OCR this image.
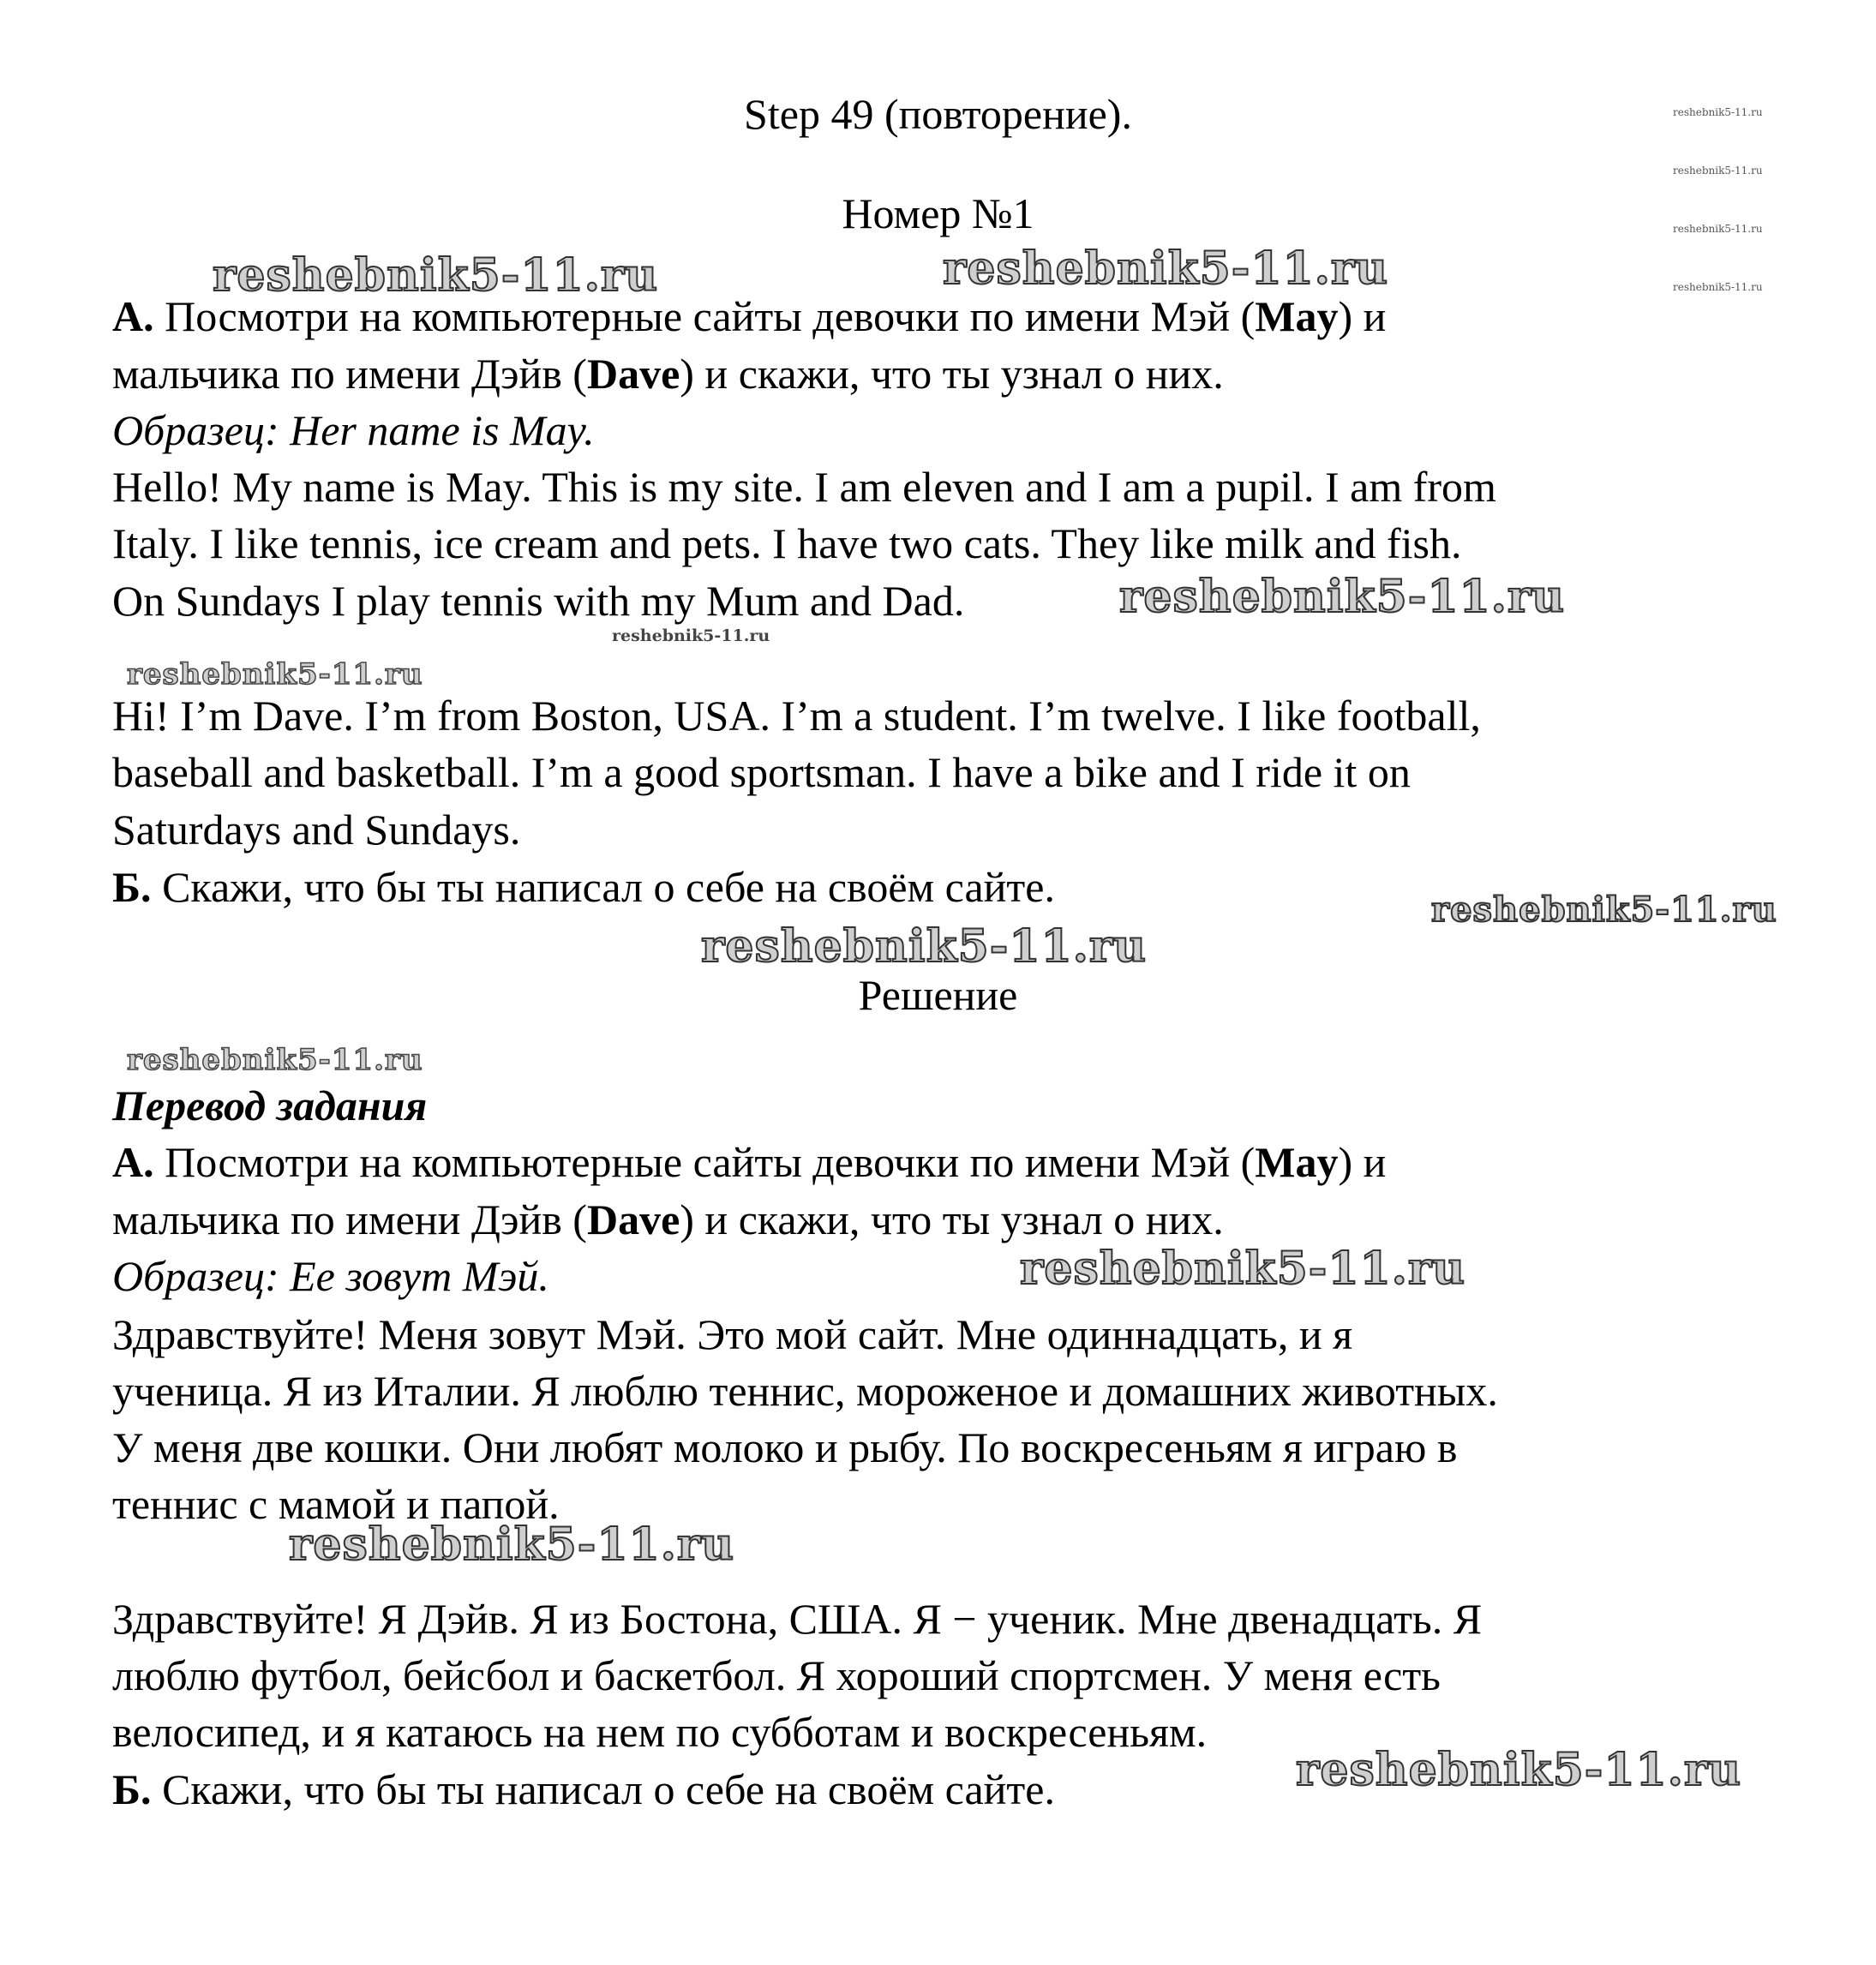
Step 49 (повторение).

Номер №1

А. Посмотри на компьютерные сайты девочки по имени Мэй (May) и

мальчика по имени Дэйв (Dave) и скажи, что ты узнал о них.

Образец: Her name is May.

Hello! My name is May. This is my site. I am eleven and I am a pupil. I am from

Italy. I like tennis, ice cream and pets. I have two cats. They like milk and fish.

On Sundays I play tennis with my Mum and Dad.

Hi! I’m Dave. I’m from Boston, USA. I’m a student. I’m twelve. I like football,

baseball and basketball. I’m a good sportsman. I have a bike and I ride it on

Saturdays and Sundays.

Б. Скажи, что бы ты написал о себе на своём сайте.

Решение

Перевод задания

А. Посмотри на компьютерные сайты девочки по имени Мэй (May) и

мальчика по имени Дэйв (Dave) и скажи, что ты узнал о них.

Образец: Ее зовут Мэй.

Здравствуйте! Меня зовут Мэй. Это мой сайт. Мне одиннадцать, и я

ученица. Я из Италии. Я люблю теннис, мороженое и домашних животных.

У меня две кошки. Они любят молоко и рыбу. По воскресеньям я играю в

теннис с мамой и папой.

Здравствуйте! Я Дэйв. Я из Бостона, США. Я − ученик. Мне двенадцать. Я

люблю футбол, бейсбол и баскетбол. Я хороший спортсмен. У меня есть

велосипед, и я катаюсь на нем по субботам и воскресеньям.

Б. Скажи, что бы ты написал о себе на своём сайте.

reshebnik5-11.ru
reshebnik5-11.ru
reshebnik5-11.ru
reshebnik5-11.ru
reshebnik5-11.ru	reshebnik5-11.ru
reshebnik5-11.ru
reshebnik5-11.ru
reshebnik5-11.ru
reshebnik5-11.ru
reshebnik5-11.ru
reshebnik5-11.ru
reshebnik5-11.ru
reshebnik5-11.ru
reshebnik5-11.ru
